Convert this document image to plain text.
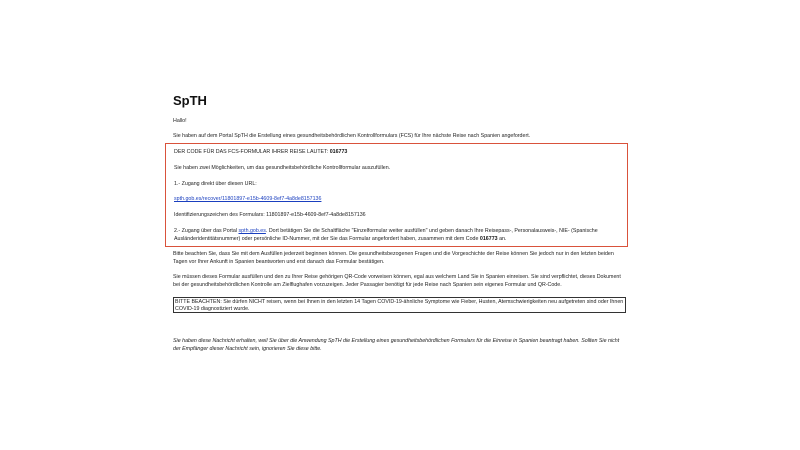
SpTH
Hallo!
Sie haben auf dem Portal SpTH die Erstellung eines gesundheitsbehördlichen Kontrollformulars (FCS) für Ihre nächste Reise nach Spanien angefordert.
DER CODE FÜR DAS FCS-FORMULAR IHRER REISE LAUTET: 016773
Sie haben zwei Möglichkeiten, um das gesundheitsbehördliche Kontrollformular auszufüllen.
1.- Zugang direkt über diesen URL:
spth.gob.es/recover/11801897-e15b-4609-8ef7-4a8de8157136
Identifizierungszeichen des Formulars: 11801897-e15b-4609-8ef7-4a8de8157136
2.- Zugang über das Portal spth.gob.es. Dort betätigen Sie die Schaltfläche "Einzelformular weiter ausfüllen" und geben danach Ihre Reisepass-, Personalausweis-, NIE- (Spanische Ausländeridentitätsnummer) oder persönliche ID-Nummer, mit der Sie das Formular angefordert haben, zusammen mit dem Code 016773 an.
Bitte beachten Sie, dass Sie mit dem Ausfüllen jederzeit beginnen können. Die gesundheitsbezogenen Fragen und die Vorgeschichte der Reise können Sie jedoch nur in den letzten beiden Tagen vor Ihrer Ankunft in Spanien beantworten und erst danach das Formular bestätigen.
Sie müssen dieses Formular ausfüllen und den zu Ihrer Reise gehörigen QR-Code vorweisen können, egal aus welchem Land Sie in Spanien einreisen. Sie sind verpflichtet, dieses Dokument bei der gesundheitsbehördlichen Kontrolle am Zielflughafen vorzuzeigen. Jeder Passagier benötigt für jede Reise nach Spanien sein eigenes Formular und QR-Code.
BITTE BEACHTEN: Sie dürfen NICHT reisen, wenn bei Ihnen in den letzten 14 Tagen COVID-19-ähnliche Symptome wie Fieber, Husten, Atemschwierigkeiten neu aufgetreten sind oder Ihnen COVID-19 diagnostiziert wurde.
Sie haben diese Nachricht erhalten, weil Sie über die Anwendung SpTH die Erstellung eines gesundheitsbehördlichen Formulars für die Einreise in Spanien beantragt haben. Sollten Sie nicht der Empfänger dieser Nachricht sein, ignorieren Sie diese bitte.
